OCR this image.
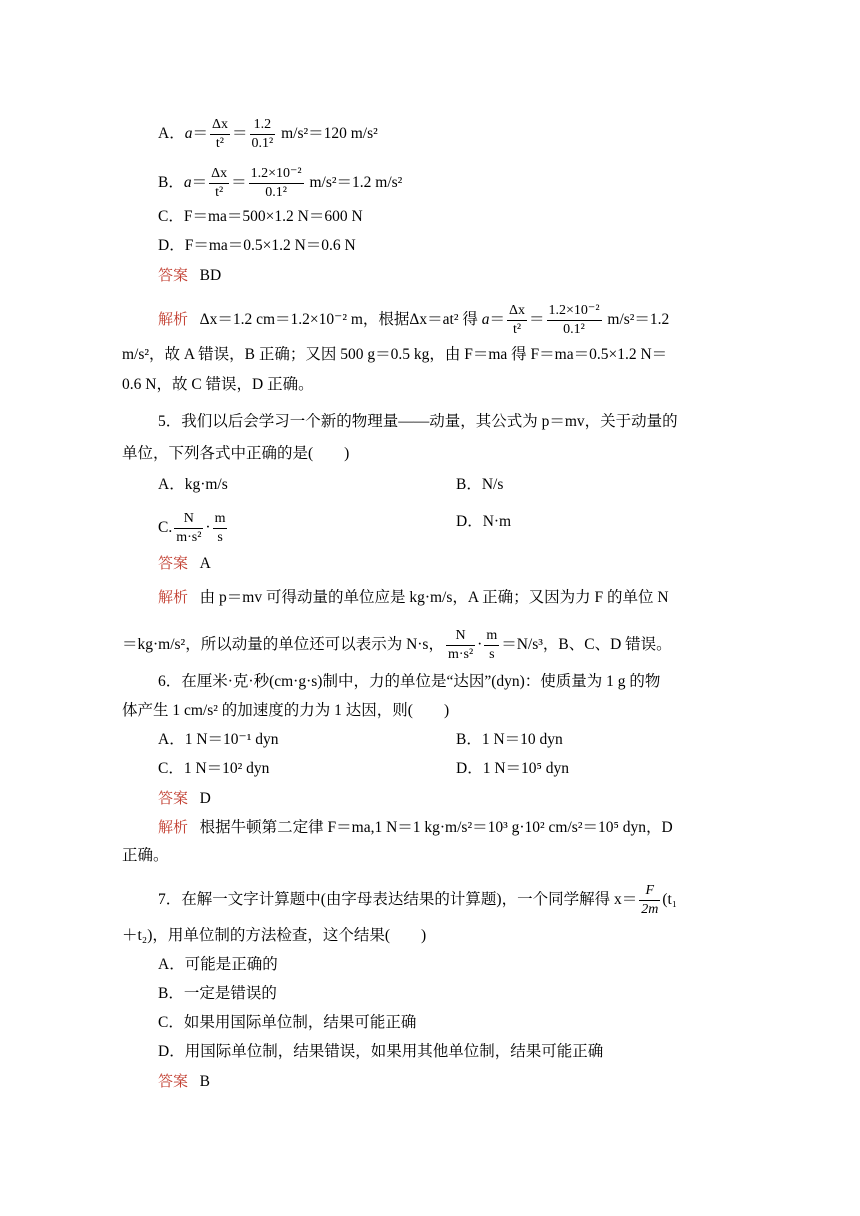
A．$a= \frac{\Delta x}{\text{t²}} = \frac{1.2}{\text{0.1²}} m/s^2=120$ m/s²
B．$a= \frac{\Delta x}{\text{t²}} = \frac{\text{1.2×10⁻²}}{\text{0.1²}} m/s^2=1.2$ m/s²
C．F＝ma＝500×1.2 N＝600 N
D．F＝ma＝0.5×1.2 N＝0.6 N
答案 BD
解析 Δx＝1.2 cm＝1.2×10⁻² m，根据Δx＝at² 得 $a= \frac{\Delta x}{\text{t²}} = \frac{\text{1.2×10⁻²}}{\text{0.1²}} m/s^2=1.2$
m/s²，故 A 错误，B 正确；又因 500 g＝0.5 kg，由 F＝ma 得 F＝ma＝0.5×1.2 N＝
0.6 N，故 C 错误，D 正确。
5．我们以后会学习一个新的物理量——动量，其公式为 p＝mv，关于动量的
单位，下列各式中正确的是(　　)
A．kg·m/s	B．N/s
C. $\frac{N}{\text{m·s²}} \cdot \frac{m}{s}$	D．N·m
答案 A
解析 由 p＝mv 可得动量的单位应是 kg·m/s，A 正确；又因为力 F 的单位 N
＝kg·m/s²，所以动量的单位还可以表示为 N·s， $\frac{N}{\text{m·s²}} \cdot \frac{m}{s} =N/s^3$，B、C、D 错误。
6．在厘米·克·秒(cm·g·s)制中，力的单位是“达因”(dyn)：使质量为 1 g 的物
体产生 1 cm/s² 的加速度的力为 1 达因，则(　　)
A．1 N＝10⁻¹ dyn	B．1 N＝10 dyn
C．1 N＝10² dyn	D．1 N＝10⁵ dyn
答案 D
解析 根据牛顿第二定律 F＝ma,1 N＝1 kg·m/s²＝10³ g·10² cm/s²＝10⁵ dyn，D
正确。
7．在解一文字计算题中(由字母表达结果的计算题)，一个同学解得 $x= \frac{F}{2m} (t_1$
＋t₂)，用单位制的方法检查，这个结果(　　)
A．可能是正确的
B．一定是错误的
C．如果用国际单位制，结果可能正确
D．用国际单位制，结果错误，如果用其他单位制，结果可能正确
答案 B
